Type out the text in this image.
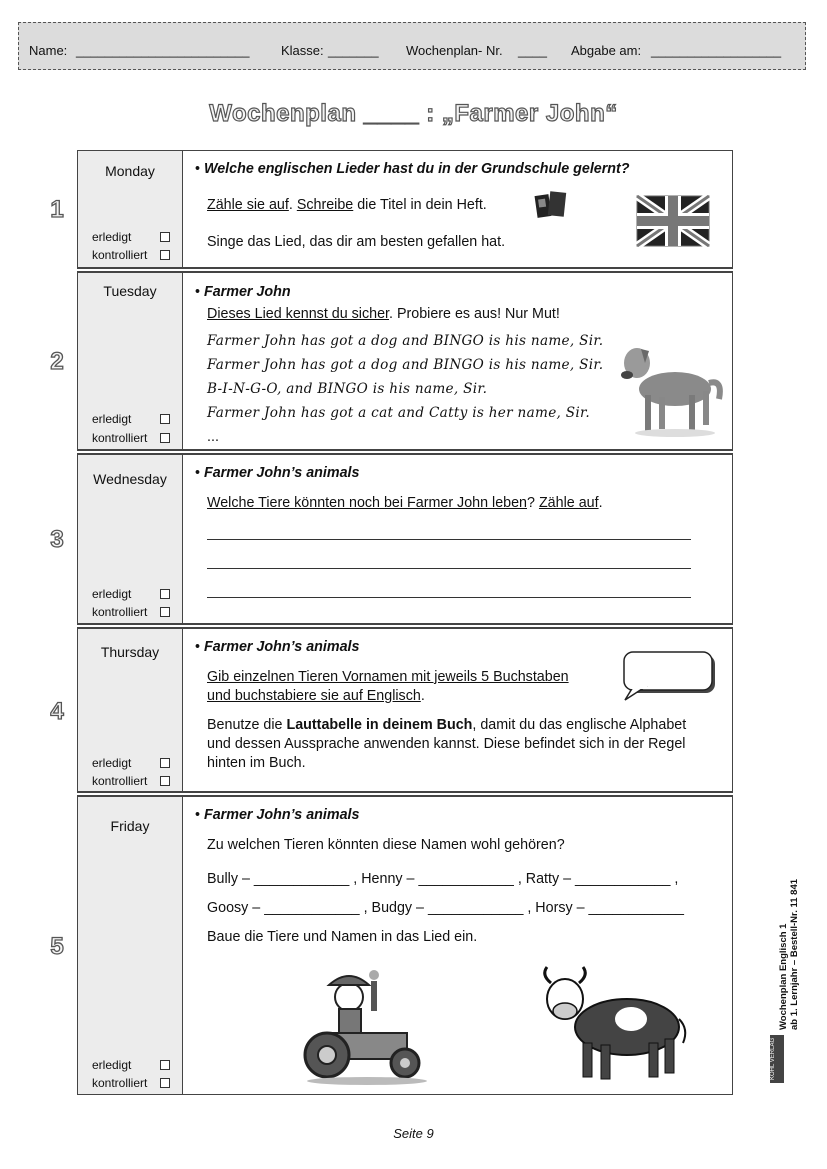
Name: ________________________ Klasse: _______ Wochenplan- Nr. ____ Abgabe am: __________________
Wochenplan ____ : „Farmer John“
1
Monday
erledigt
kontrolliert
• Welche englischen Lieder hast du in der Grundschule gelernt?
Zähle sie auf. Schreibe die Titel in dein Heft.
Singe das Lied, das dir am besten gefallen hat.
2
Tuesday
erledigt
kontrolliert
• Farmer John
Dieses Lied kennst du sicher. Probiere es aus! Nur Mut!
Farmer John has got a dog and BINGO is his name, Sir.
Farmer John has got a dog and BINGO is his name, Sir.
B-I-N-G-O, and BINGO is his name, Sir.
Farmer John has got a cat and Catty is her name, Sir.
...
3
Wednesday
erledigt
kontrolliert
• Farmer John’s animals
Welche Tiere könnten noch bei Farmer John leben? Zähle auf.
4
Thursday
erledigt
kontrolliert
• Farmer John’s animals
Gib einzelnen Tieren Vornamen mit jeweils 5 Buchstaben
und buchstabiere sie auf Englisch.
Benutze die Lauttabelle in deinem Buch, damit du das englische Alphabet
und dessen Aussprache anwenden kannst. Diese befindet sich in der Regel
hinten im Buch.
5
Friday
erledigt
kontrolliert
• Farmer John’s animals
Zu welchen Tieren könnten diese Namen wohl gehören?
Bully – ____________ , Henny – ____________ , Ratty – ____________ ,
Goosy – ____________ , Budgy – ____________ , Horsy – ____________
Baue die Tiere und Namen in das Lied ein.
Seite 9
Wochenplan Englisch 1 ab 1. Lernjahr – Bestell-Nr. 11 841
KOHL VERLAG
